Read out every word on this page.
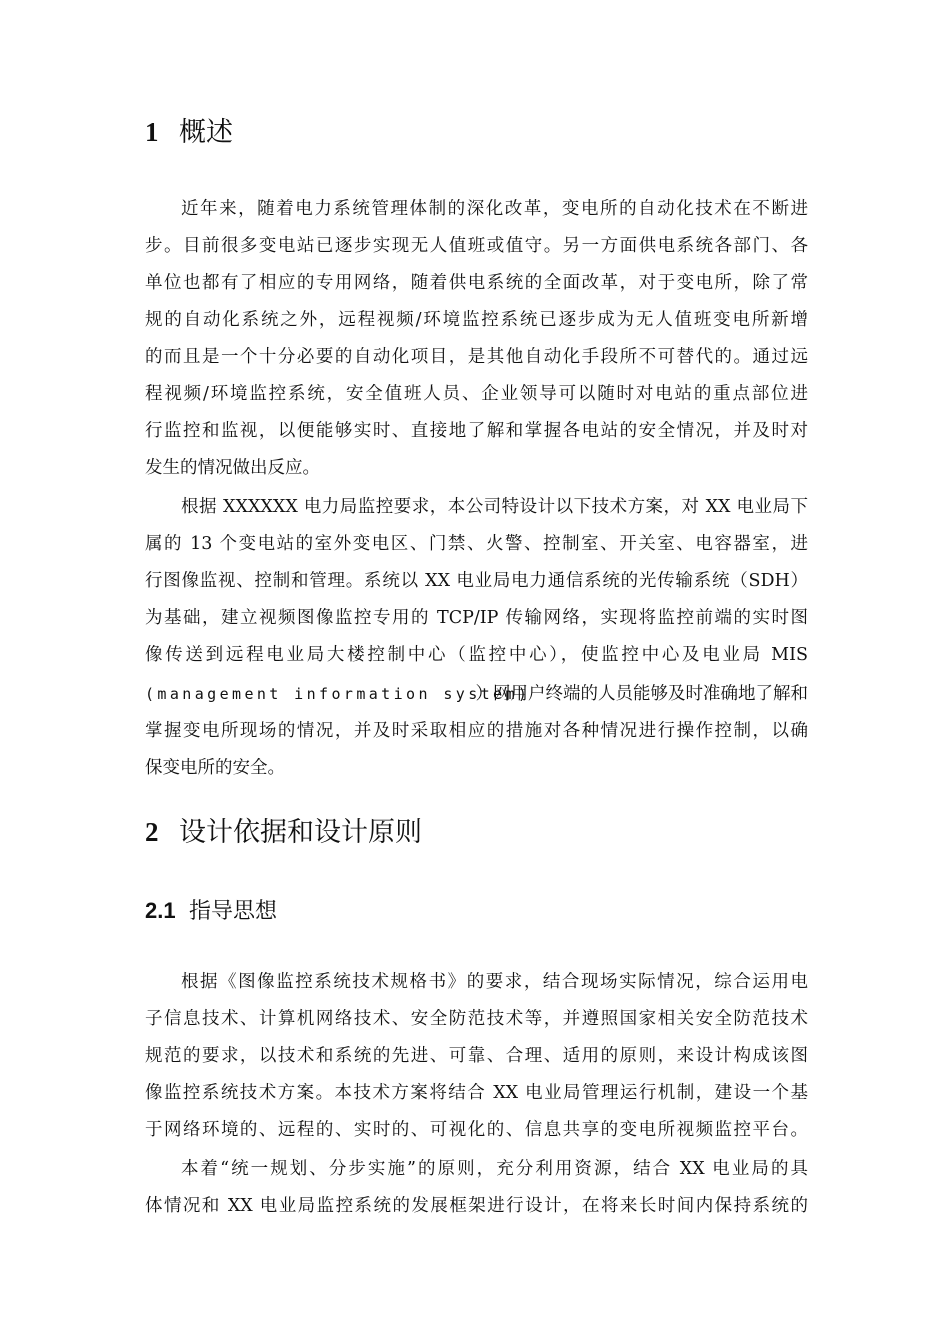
1 概述
近年来，随着电力系统管理体制的深化改革，变电所的自动化技术在不断进
步。目前很多变电站已逐步实现无人值班或值守。另一方面供电系统各部门、各
单位也都有了相应的专用网络，随着供电系统的全面改革，对于变电所，除了常
规的自动化系统之外，远程视频/环境监控系统已逐步成为无人值班变电所新增
的而且是一个十分必要的自动化项目，是其他自动化手段所不可替代的。通过远
程视频/环境监控系统，安全值班人员、企业领导可以随时对电站的重点部位进
行监控和监视，以便能够实时、直接地了解和掌握各电站的安全情况，并及时对
发生的情况做出反应。
根据 XXXXXX 电力局监控要求，本公司特设计以下技术方案，对 XX 电业局下
属的 13 个变电站的室外变电区、门禁、火警、控制室、开关室、电容器室，进
行图像监视、控制和管理。系统以 XX 电业局电力通信系统的光传输系统（SDH）
为基础，建立视频图像监控专用的 TCP/IP 传输网络，实现将监控前端的实时图
像传送到远程电业局大楼控制中心（监控中心），使监控中心及电业局 MIS
(management information system)
）网用户终端的人员能够及时准确地了解和
掌握变电所现场的情况，并及时采取相应的措施对各种情况进行操作控制，以确
保变电所的安全。
2 设计依据和设计原则
2.1 指导思想
根据《图像监控系统技术规格书》的要求，结合现场实际情况，综合运用电
子信息技术、计算机网络技术、安全防范技术等，并遵照国家相关安全防范技术
规范的要求，以技术和系统的先进、可靠、合理、适用的原则，来设计构成该图
像监控系统技术方案。本技术方案将结合 XX 电业局管理运行机制，建设一个基
于网络环境的、远程的、实时的、可视化的、信息共享的变电所视频监控平台。
本着“统一规划、分步实施”的原则，充分利用资源，结合 XX 电业局的具
体情况和 XX 电业局监控系统的发展框架进行设计，在将来长时间内保持系统的
